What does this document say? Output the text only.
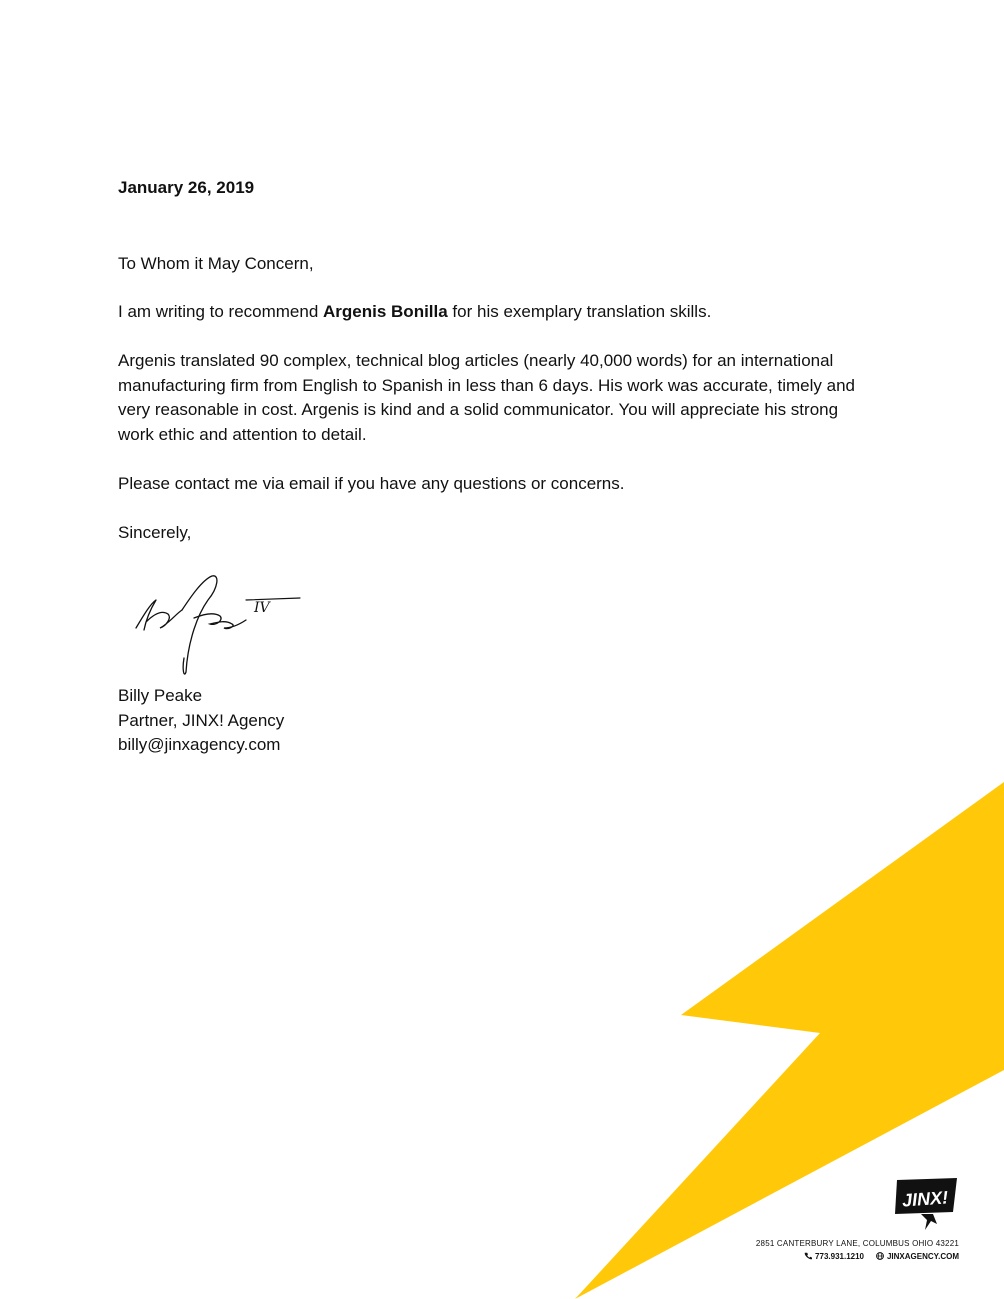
January 26, 2019
To Whom it May Concern,
I am writing to recommend Argenis Bonilla for his exemplary translation skills.
Argenis translated 90 complex, technical blog articles (nearly 40,000 words) for an international manufacturing firm from English to Spanish in less than 6 days. His work was accurate, timely and very reasonable in cost. Argenis is kind and a solid communicator. You will appreciate his strong work ethic and attention to detail.
Please contact me via email if you have any questions or concerns.
Sincerely,
IV
Billy Peake
Partner, JINX! Agency
billy@jinxagency.com
JINX!
2851 CANTERBURY LANE, COLUMBUS OHIO 43221
773.931.1210	JINXAGENCY.COM
